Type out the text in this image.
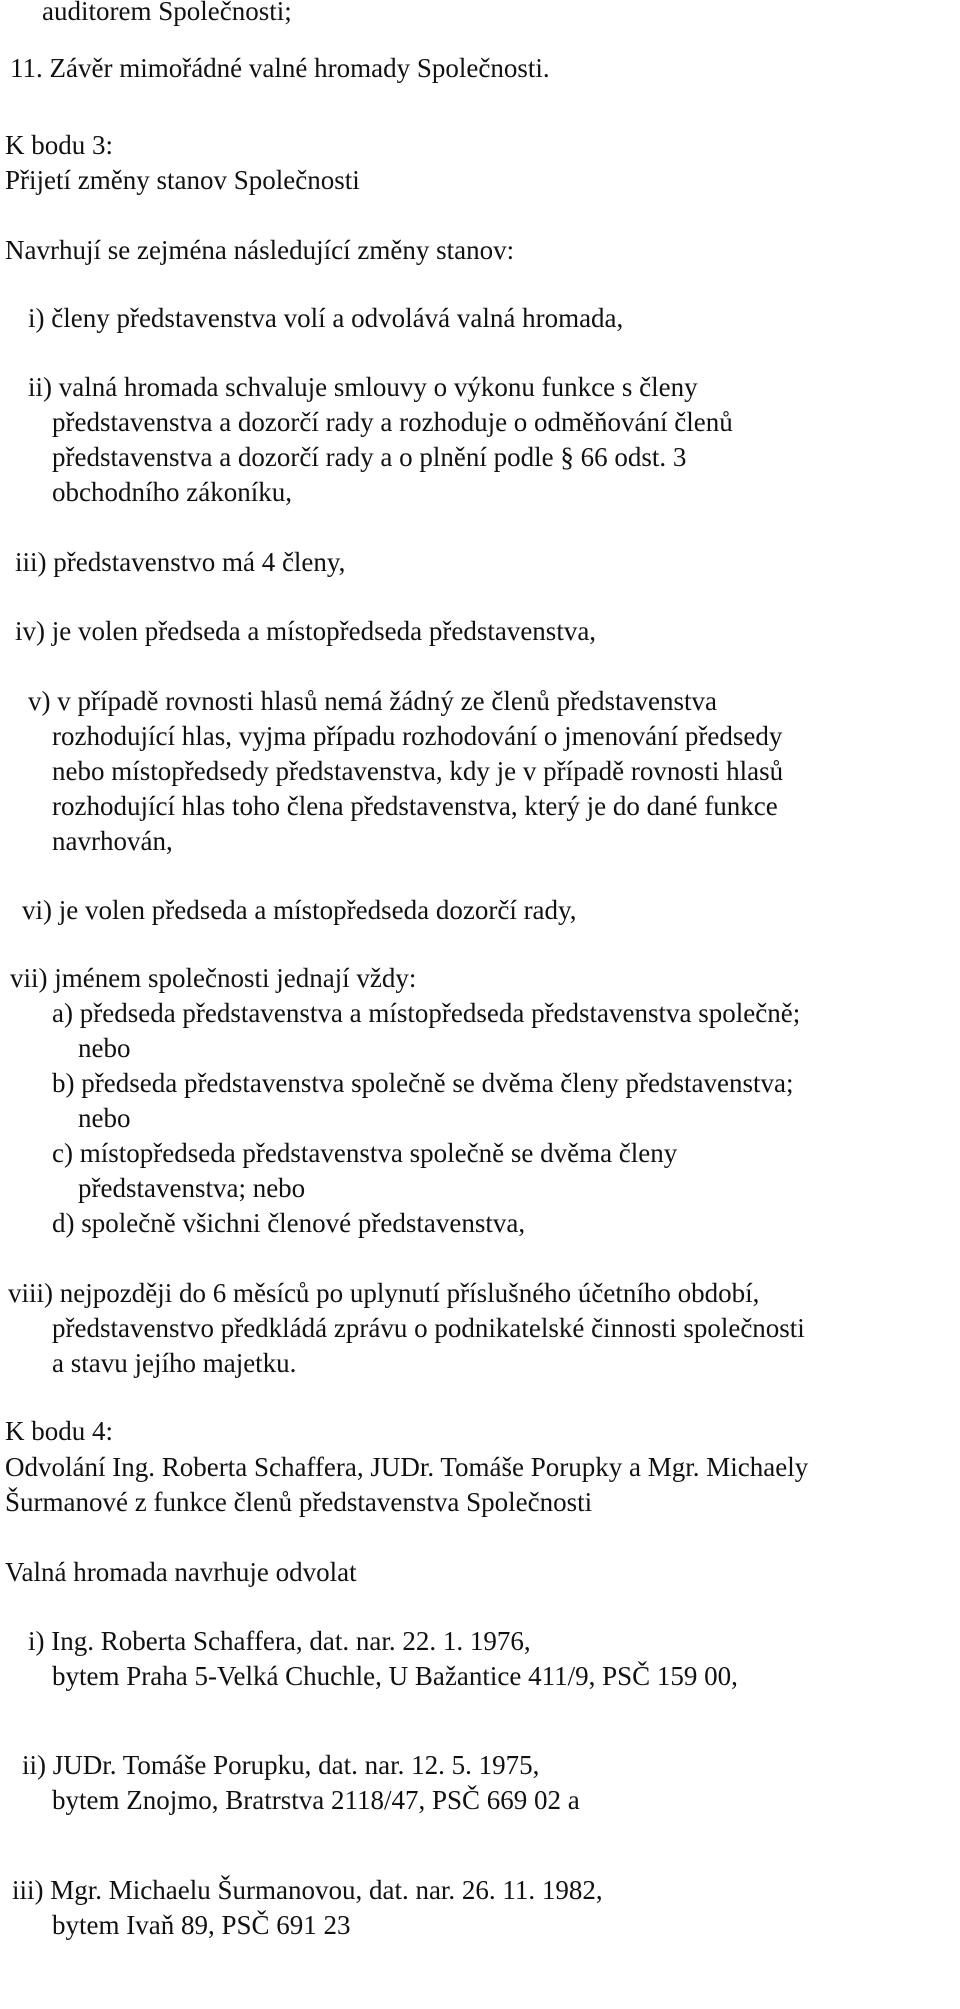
auditorem Společnosti;

11. Závěr mimořádné valné hromady Společnosti.

K bodu 3:

Přijetí změny stanov Společnosti

Navrhují se zejména následující změny stanov:

i) členy představenstva volí a odvolává valná hromada,

ii) valná hromada schvaluje smlouvy o výkonu funkce s členy

představenstva a dozorčí rady a rozhoduje o odměňování členů

představenstva a dozorčí rady a o plnění podle § 66 odst. 3

obchodního zákoníku,

iii) představenstvo má 4 členy,

iv) je volen předseda a místopředseda představenstva,

v) v případě rovnosti hlasů nemá žádný ze členů představenstva

rozhodující hlas, vyjma případu rozhodování o jmenování předsedy

nebo místopředsedy představenstva, kdy je v případě rovnosti hlasů

rozhodující hlas toho člena představenstva, který je do dané funkce

navrhován,

vi) je volen předseda a místopředseda dozorčí rady,

vii) jménem společnosti jednají vždy:

a) předseda představenstva a místopředseda představenstva společně;

nebo

b) předseda představenstva společně se dvěma členy představenstva;

nebo

c) místopředseda představenstva společně se dvěma členy

představenstva; nebo

d) společně všichni členové představenstva,

viii) nejpozději do 6 měsíců po uplynutí příslušného účetního období,

představenstvo předkládá zprávu o podnikatelské činnosti společnosti

a stavu jejího majetku.

K bodu 4:

Odvolání Ing. Roberta Schaffera, JUDr. Tomáše Porupky a Mgr. Michaely

Šurmanové z funkce členů představenstva Společnosti

Valná hromada navrhuje odvolat

i) Ing. Roberta Schaffera, dat. nar. 22. 1. 1976,

bytem Praha 5-Velká Chuchle, U Bažantice 411/9, PSČ 159 00,

ii) JUDr. Tomáše Porupku, dat. nar. 12. 5. 1975,

bytem Znojmo, Bratrstva 2118/47, PSČ 669 02 a

iii) Mgr. Michaelu Šurmanovou, dat. nar. 26. 11. 1982,

bytem Ivaň 89, PSČ 691 23
